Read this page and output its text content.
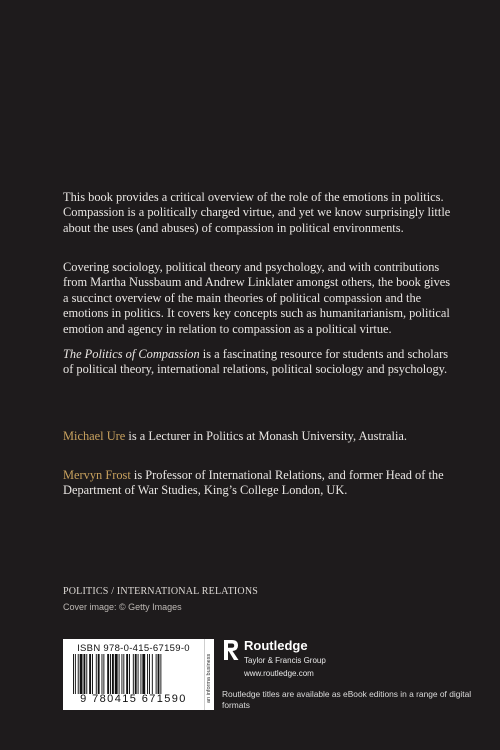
This book provides a critical overview of the role of the emotions in politics. Compassion is a politically charged virtue, and yet we know surprisingly little about the uses (and abuses) of compassion in political environments.

Covering sociology, political theory and psychology, and with contributions from Martha Nussbaum and Andrew Linklater amongst others, the book gives a succinct overview of the main theories of political compassion and the emotions in politics. It covers key concepts such as humanitarianism, political emotion and agency in relation to compassion as a political virtue.

The Politics of Compassion is a fascinating resource for students and scholars of political theory, international relations, political sociology and psychology.

Michael Ure is a Lecturer in Politics at Monash University, Australia.
Mervyn Frost is Professor of International Relations, and former Head of the Department of War Studies, King’s College London, UK.
POLITICS / INTERNATIONAL RELATIONS
Cover image: © Getty Images
ISBN 978-0-415-67159-0
9 780415 671590	an informa business
Routledge
Taylor & Francis Group
www.routledge.com
Routledge titles are available as eBook editions in a range of digital formats
